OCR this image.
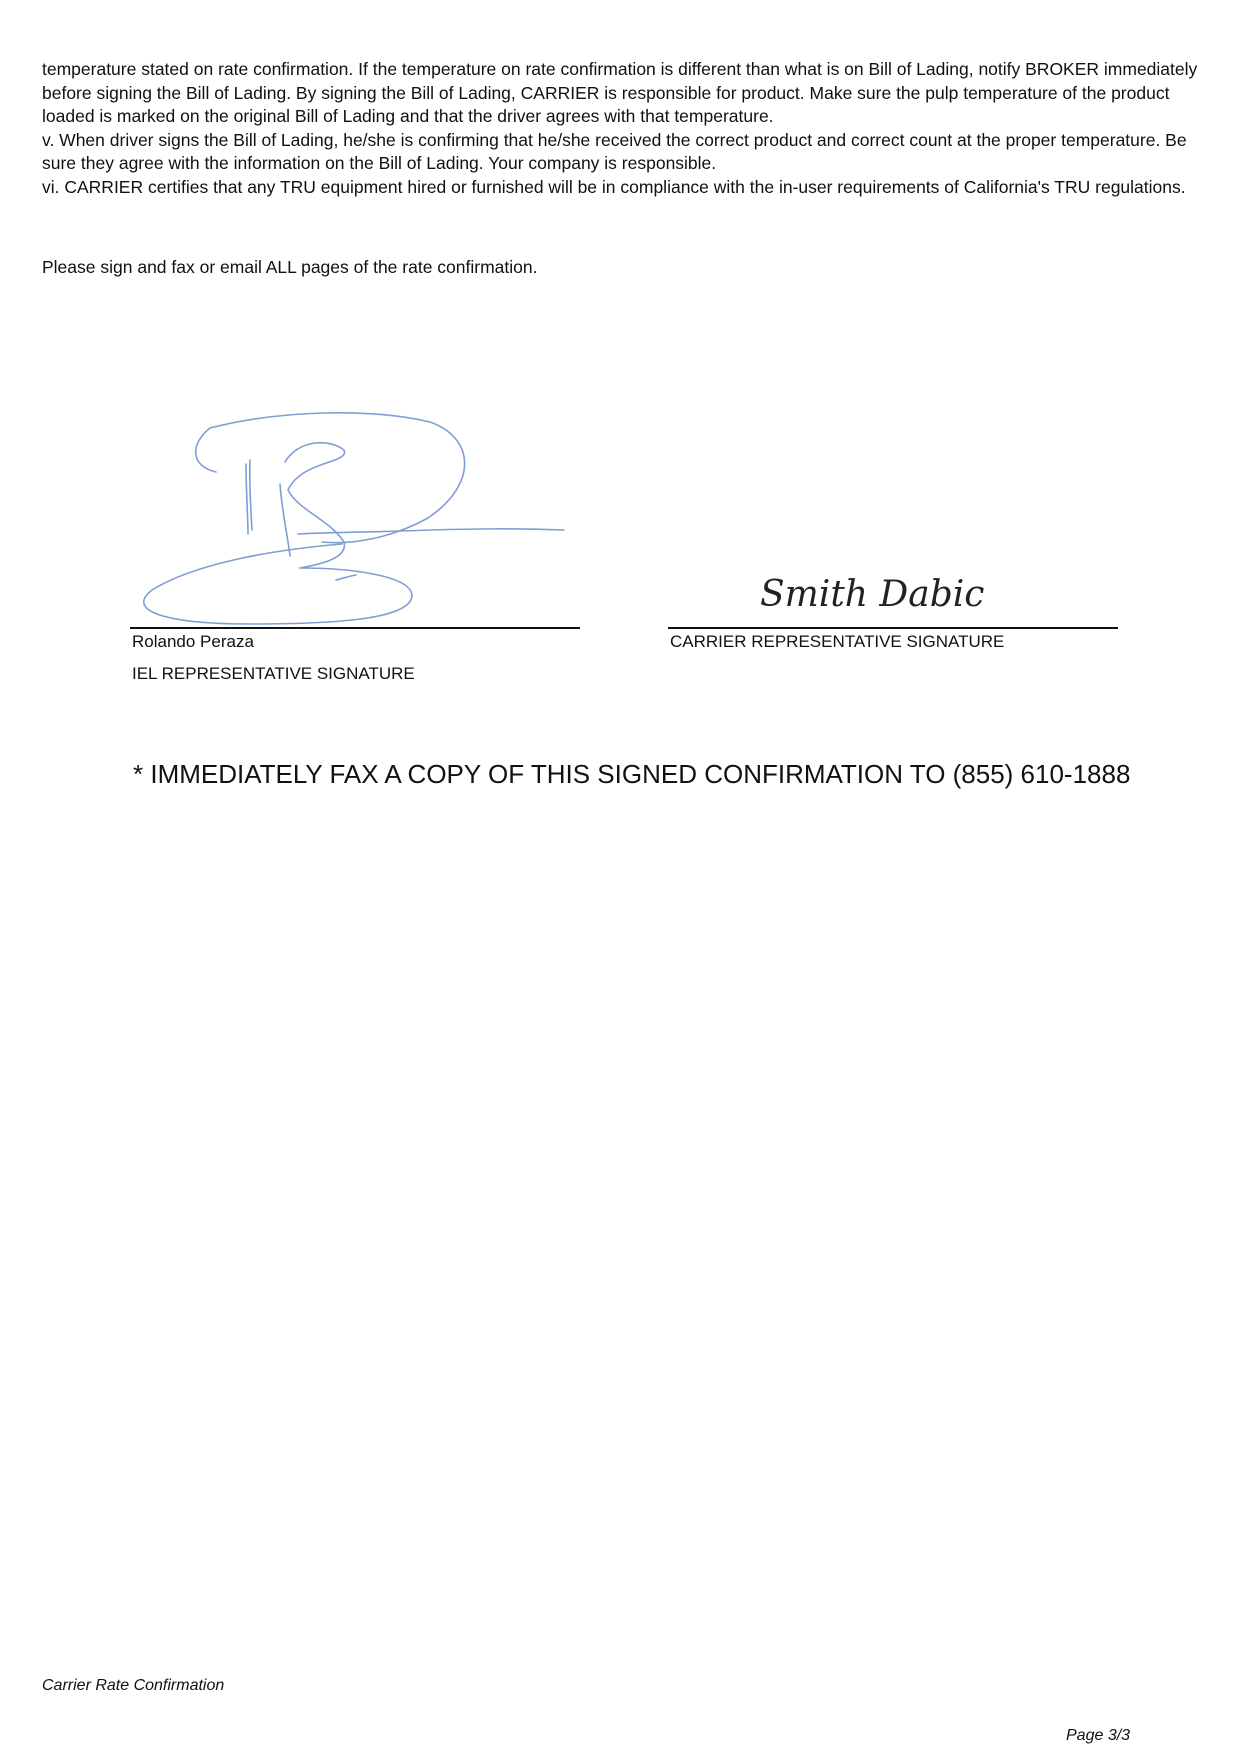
temperature stated on rate confirmation. If the temperature on rate confirmation is different than what is on Bill of Lading, notify BROKER immediately before signing the Bill of Lading. By signing the Bill of Lading, CARRIER is responsible for product. Make sure the pulp temperature of the product loaded is marked on the original Bill of Lading and that the driver agrees with that temperature.

v. When driver signs the Bill of Lading, he/she is confirming that he/she received the correct product and correct count at the proper temperature. Be sure they agree with the information on the Bill of Lading. Your company is responsible.

vi. CARRIER certifies that any TRU equipment hired or furnished will be in compliance with the in-user requirements of California's TRU regulations.

Please sign and fax or email ALL pages of the rate confirmation.
Rolando Peraza
IEL REPRESENTATIVE SIGNATURE
Smith Dabic
CARRIER REPRESENTATIVE SIGNATURE
* IMMEDIATELY FAX A COPY OF THIS SIGNED CONFIRMATION TO (855) 610-1888
Carrier Rate Confirmation
Page 3/3
